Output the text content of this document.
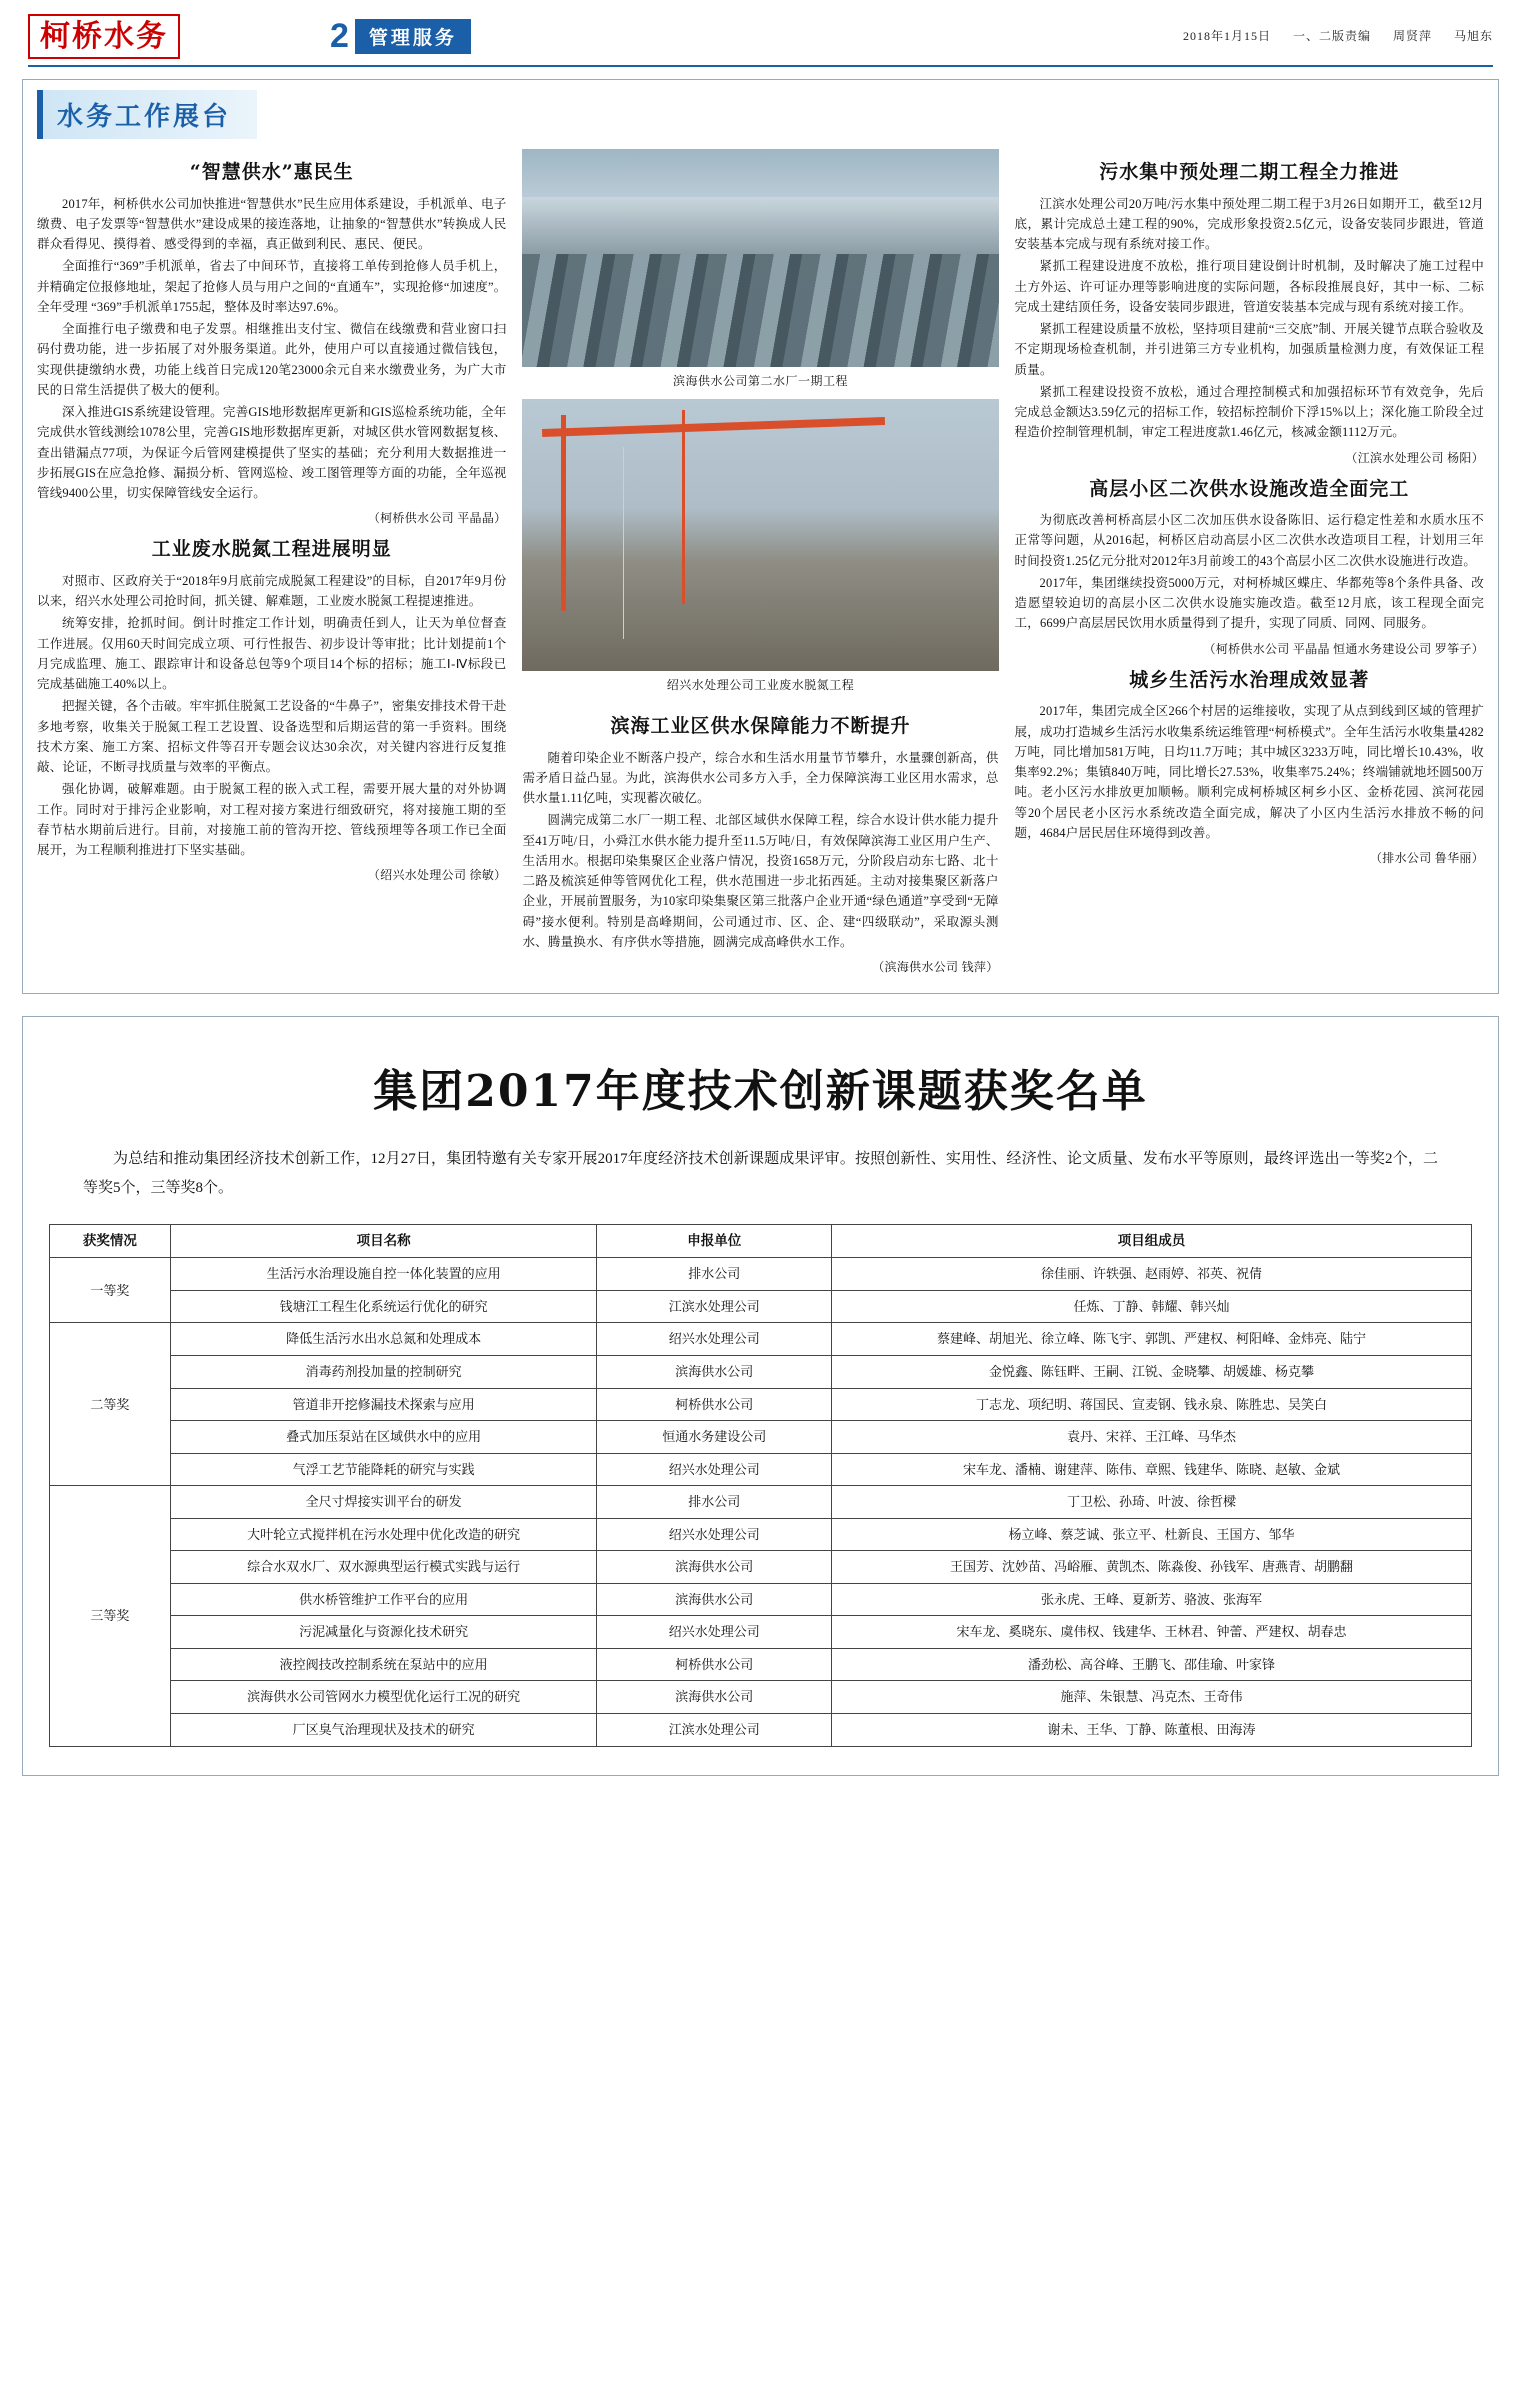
柯桥水务	2	管理服务	2018年1月15日 一、二版责编 周贤萍 马旭东
水务工作展台
“智慧供水”惠民生

2017年，柯桥供水公司加快推进“智慧供水”民生应用体系建设，手机派单、电子缴费、电子发票等“智慧供水”建设成果的接连落地，让抽象的“智慧供水”转换成人民群众看得见、摸得着、感受得到的幸福，真正做到利民、惠民、便民。

全面推行“369”手机派单，省去了中间环节，直接将工单传到抢修人员手机上，并精确定位报修地址，架起了抢修人员与用户之间的“直通车”，实现抢修“加速度”。全年受理 “369”手机派单1755起，整体及时率达97.6%。

全面推行电子缴费和电子发票。相继推出支付宝、微信在线缴费和营业窗口扫码付费功能，进一步拓展了对外服务渠道。此外，使用户可以直接通过微信钱包，实现供捷缴纳水费，功能上线首日完成120笔23000余元自来水缴费业务，为广大市民的日常生活提供了极大的便利。

深入推进GIS系统建设管理。完善GIS地形数据库更新和GIS巡检系统功能，全年完成供水管线测绘1078公里，完善GIS地形数据库更新，对城区供水管网数据复核、查出错漏点77项，为保证今后管网建模提供了坚实的基础；充分利用大数据推进一步拓展GIS在应急抢修、漏损分析、管网巡检、竣工图管理等方面的功能，全年巡视管线9400公里，切实保障管线安全运行。

（柯桥供水公司 平晶晶）

工业废水脱氮工程进展明显

对照市、区政府关于“2018年9月底前完成脱氮工程建设”的目标，自2017年9月份以来，绍兴水处理公司抢时间，抓关键、解难题，工业废水脱氮工程提速推进。

统筹安排，抢抓时间。倒计时推定工作计划，明确责任到人，让天为单位督查工作进展。仅用60天时间完成立项、可行性报告、初步设计等审批；比计划提前1个月完成监理、施工、跟踪审计和设备总包等9个项目14个标的招标；施工Ⅰ-Ⅳ标段已完成基础施工40%以上。

把握关键，各个击破。牢牢抓住脱氮工艺设备的“牛鼻子”，密集安排技术骨干赴多地考察，收集关于脱氮工程工艺设置、设备选型和后期运营的第一手资料。围绕技术方案、施工方案、招标文件等召开专题会议达30余次，对关键内容进行反复推敲、论证，不断寻找质量与效率的平衡点。

强化协调，破解难题。由于脱氮工程的嵌入式工程，需要开展大量的对外协调工作。同时对于排污企业影响，对工程对接方案进行细致研究，将对接施工期的至春节枯水期前后进行。目前，对接施工前的管沟开挖、管线预埋等各项工作已全面展开，为工程顺利推进打下坚实基础。

（绍兴水处理公司 徐敏）

滨海供水公司第二水厂一期工程
绍兴水处理公司工业废水脱氮工程
滨海工业区供水保障能力不断提升

随着印染企业不断落户投产，综合水和生活水用量节节攀升，水量骤创新高，供需矛盾日益凸显。为此，滨海供水公司多方入手，全力保障滨海工业区用水需求，总供水量1.11亿吨，实现蓄次破亿。

圆满完成第二水厂一期工程、北部区域供水保障工程，综合水设计供水能力提升至41万吨/日，小舜江水供水能力提升至11.5万吨/日，有效保障滨海工业区用户生产、生活用水。根据印染集聚区企业落户情况，投资1658万元，分阶段启动东七路、北十二路及梳滨延伸等管网优化工程，供水范围进一步北拓西延。主动对接集聚区新落户企业，开展前置服务，为10家印染集聚区第三批落户企业开通“绿色通道”享受到“无障碍”接水便利。特别是高峰期间，公司通过市、区、企、建“四级联动”，采取源头测水、腾量换水、有序供水等措施，圆满完成高峰供水工作。

（滨海供水公司 钱萍）

污水集中预处理二期工程全力推进

江滨水处理公司20万吨/污水集中预处理二期工程于3月26日如期开工，截至12月底，累计完成总土建工程的90%，完成形象投资2.5亿元，设备安装同步跟进，管道安装基本完成与现有系统对接工作。

紧抓工程建设进度不放松，推行项目建设倒计时机制，及时解决了施工过程中土方外运、许可证办理等影响进度的实际问题，各标段推展良好，其中一标、二标完成土建结顶任务，设备安装同步跟进，管道安装基本完成与现有系统对接工作。

紧抓工程建设质量不放松，坚持项目建前“三交底”制、开展关键节点联合验收及不定期现场检查机制，并引进第三方专业机构，加强质量检测力度，有效保证工程质量。

紧抓工程建设投资不放松，通过合理控制模式和加强招标环节有效竞争，先后完成总金额达3.59亿元的招标工作，较招标控制价下浮15%以上；深化施工阶段全过程造价控制管理机制，审定工程进度款1.46亿元，核减金额1112万元。

（江滨水处理公司 杨阳）

高层小区二次供水设施改造全面完工

为彻底改善柯桥高层小区二次加压供水设备陈旧、运行稳定性差和水质水压不正常等问题，从2016起，柯桥区启动高层小区二次供水改造项目工程，计划用三年时间投资1.25亿元分批对2012年3月前竣工的43个高层小区二次供水设施进行改造。

2017年，集团继续投资5000万元，对柯桥城区蝶庄、华都苑等8个条件具备、改造愿望较迫切的高层小区二次供水设施实施改造。截至12月底，该工程现全面完工，6699户高层居民饮用水质量得到了提升，实现了同质、同网、同服务。

（柯桥供水公司 平晶晶 恒通水务建设公司 罗筝子）

城乡生活污水治理成效显著

2017年，集团完成全区266个村居的运维接收，实现了从点到线到区域的管理扩展，成功打造城乡生活污水收集系统运维管理“柯桥模式”。全年生活污水收集量4282万吨，同比增加581万吨，日均11.7万吨；其中城区3233万吨，同比增长10.43%，收集率92.2%；集镇840万吨，同比增长27.53%，收集率75.24%；终端铺就地坯圆500万吨。老小区污水排放更加顺畅。顺利完成柯桥城区柯乡小区、金桥花园、滨河花园等20个居民老小区污水系统改造全面完成，解决了小区内生活污水排放不畅的问题，4684户居民居住环境得到改善。

（排水公司 鲁华丽）

集团2017年度技术创新课题获奖名单
为总结和推动集团经济技术创新工作，12月27日，集团特邀有关专家开展2017年度经济技术创新课题成果评审。按照创新性、实用性、经济性、论文质量、发布水平等原则，最终评选出一等奖2个，二等奖5个，三等奖8个。
获奖情况	项目名称	申报单位	项目组成员
一等奖	生活污水治理设施自控一体化装置的应用	排水公司	徐佳丽、许轶强、赵雨婷、祁英、祝倩
	钱塘江工程生化系统运行优化的研究	江滨水处理公司	任炼、丁静、韩耀、韩兴灿
二等奖	降低生活污水出水总氮和处理成本	绍兴水处理公司	蔡建峰、胡旭光、徐立峰、陈飞宇、郭凯、严建权、柯阳峰、金炜亮、陆宁
	消毒药剂投加量的控制研究	滨海供水公司	金悦鑫、陈钰畔、王嗣、江锐、金晓攀、胡媛雄、杨克攀
	管道非开挖修漏技术探索与应用	柯桥供水公司	丁志龙、项纪明、蒋国民、宣麦钢、钱永泉、陈胜忠、吴笑白
	叠式加压泵站在区域供水中的应用	恒通水务建设公司	袁丹、宋祥、王江峰、马华杰
	气浮工艺节能降耗的研究与实践	绍兴水处理公司	宋车龙、潘楠、谢建萍、陈伟、章熙、钱建华、陈晓、赵敏、金斌
三等奖	全尺寸焊接实训平台的研发	排水公司	丁卫松、孙琦、叶波、徐哲樑
	大叶轮立式搅拌机在污水处理中优化改造的研究	绍兴水处理公司	杨立峰、蔡芝诚、张立平、杜新良、王国方、邹华
	综合水双水厂、双水源典型运行模式实践与运行	滨海供水公司	王国芳、沈妙苗、冯峪雁、黄凯杰、陈淼俊、孙钱军、唐燕青、胡鹏翻
	供水桥管维护工作平台的应用	滨海供水公司	张永虎、王峰、夏新芳、骆波、张海军
	污泥减量化与资源化技术研究	绍兴水处理公司	宋车龙、奚晓东、虞伟权、钱建华、王林君、钟蕾、严建权、胡春忠
	液控阀技改控制系统在泵站中的应用	柯桥供水公司	潘劲松、高谷峰、王鹏飞、邵佳瑜、叶家锋
	滨海供水公司管网水力模型优化运行工况的研究	滨海供水公司	施萍、朱银慧、冯克杰、王奇伟
	厂区臭气治理现状及技术的研究	江滨水处理公司	谢未、王华、丁静、陈董根、田海涛
